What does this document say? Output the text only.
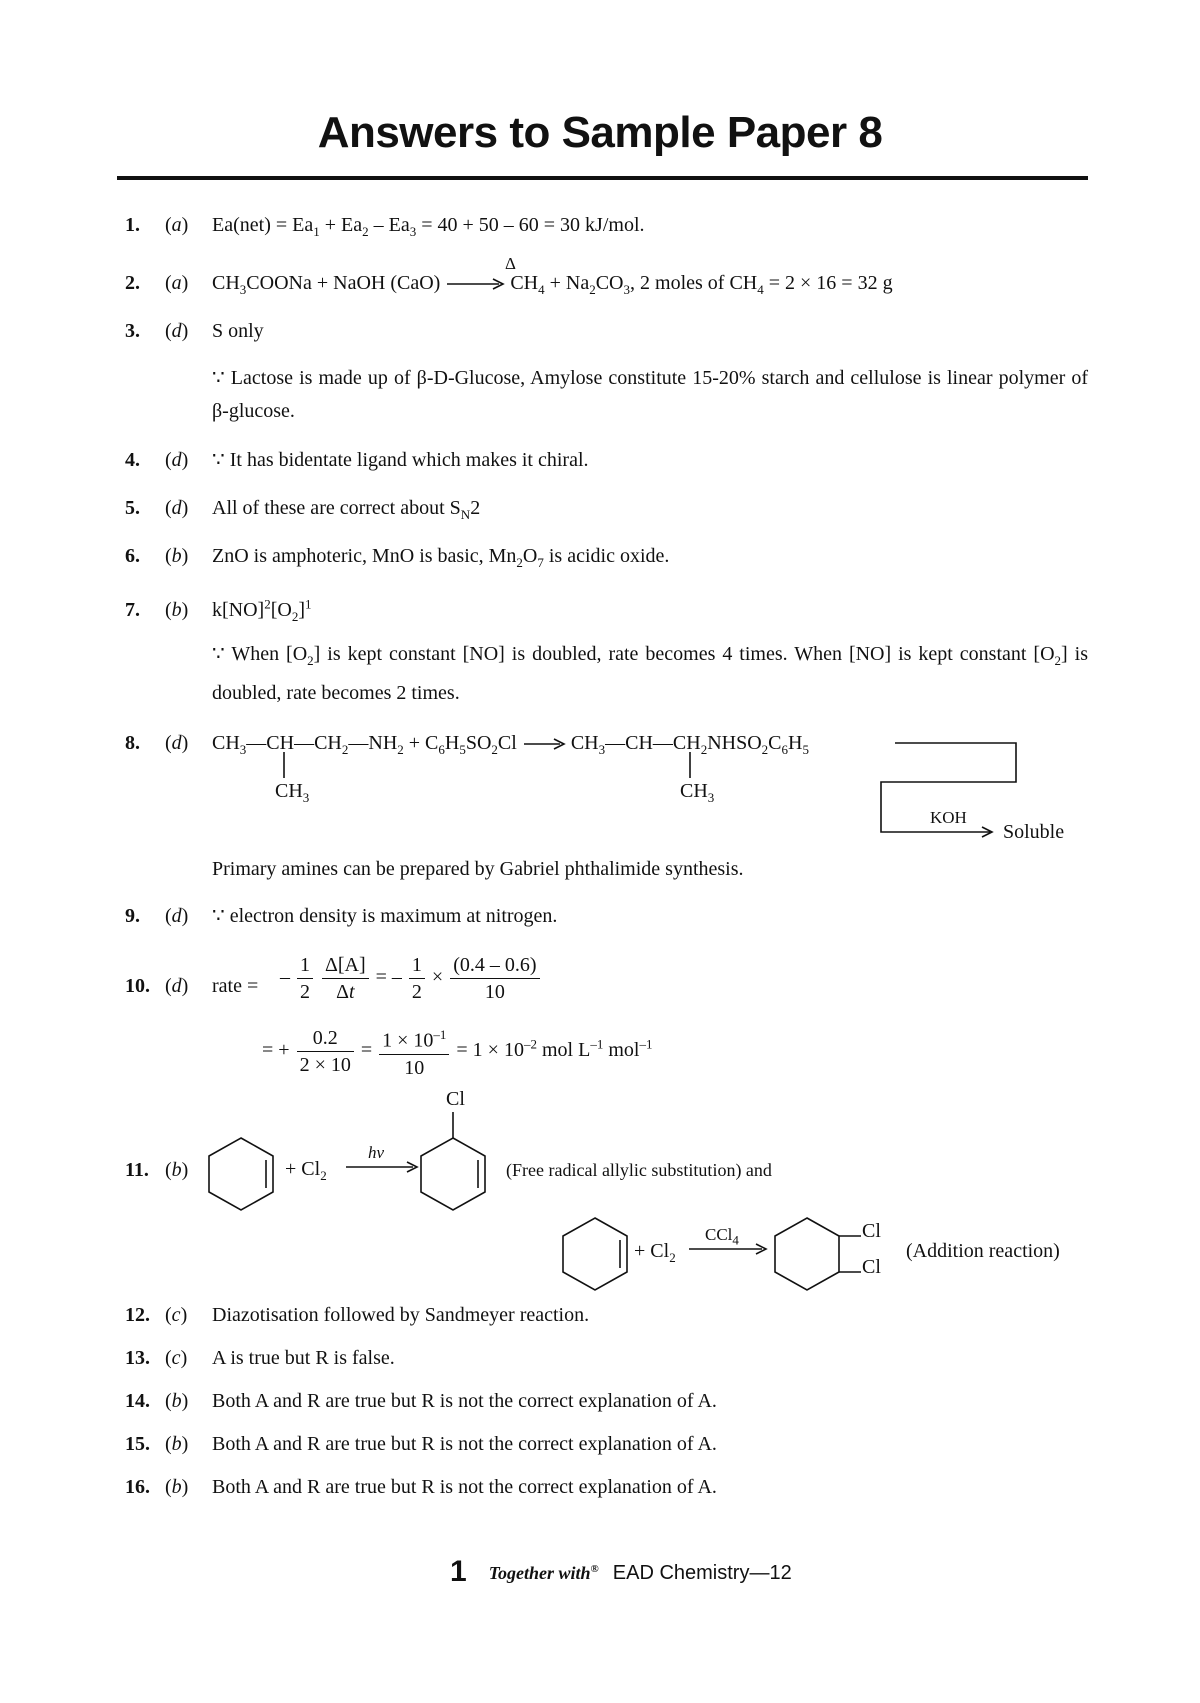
Answers to Sample Paper 8
1. ( a ) $Ea(net) = Ea_1 + Ea_2 - Ea_3 = 40 + 50 - 60 = 30$ kJ/mol.
2. ( a ) $CH_3COONa$ + NaOH $(CaO) \to CH_4 + Na_2CO_3$, 2 moles of $CH_4 = 2 \times 16 = 32$ g
Δ
3. ( d ) S only
∵ Lactose is made up of β-D-Glucose, Amylose constitute 15-20% starch and cellulose is linear polymer of β-glucose.
4. ( d ) ∵ It has bidentate ligand which makes it chiral.
5. ( d ) All of these are correct about $S_N2$
6. ( b ) ZnO is amphoteric, MnO is basic, $Mn_2O_7$ is acidic oxide.
7. ( b ) $k[NO]^2[O_2]^1$
∵ When $[O_2]$ is kept constant [NO] is doubled, rate becomes 4 times. When [NO] is kept constant $[O_2]$ is doubled, rate becomes 2 times.
8. ( d ) $CH_3—CH—CH_2—NH_2 + C_6H_5SO_2Cl$ → $CH_3—CH—CH_2NHSO_2C_6H_5$
$CH_3$	$CH_3$
KOH
Soluble
Primary amines can be prepared by Gabriel phthalimide synthesis.
9. ( d ) ∵ electron density is maximum at nitrogen.
10. ( d ) rate = – $\frac{1}{2}$
$\frac{\Delta[A]}{\Delta t}$ = – $\frac{1}{2} \times \frac{(0.4 - 0.6)}{10}$
= + $\frac{0.2}{2 \times 10} = \frac{1 \times 10^{-1}}{10} = 1 \times 10^{-2}$ mol $L^{-1}$ mol$^{-1}$
11. ( b )
Cl
+ $Cl_2$
hν
(Free radical allylic substitution) and
+ $Cl_2$
CCl$_4$	Cl
Cl
(Addition reaction)
12. ( c ) Diazotisation followed by Sandmeyer reaction.
13. ( c ) A is true but R is false.
14. ( b ) Both A and R are true but R is not the correct explanation of A.
15. ( b ) Both A and R are true but R is not the correct explanation of A.
16. ( b ) Both A and R are true but R is not the correct explanation of A.
1 Together with® EAD Chemistry—12
